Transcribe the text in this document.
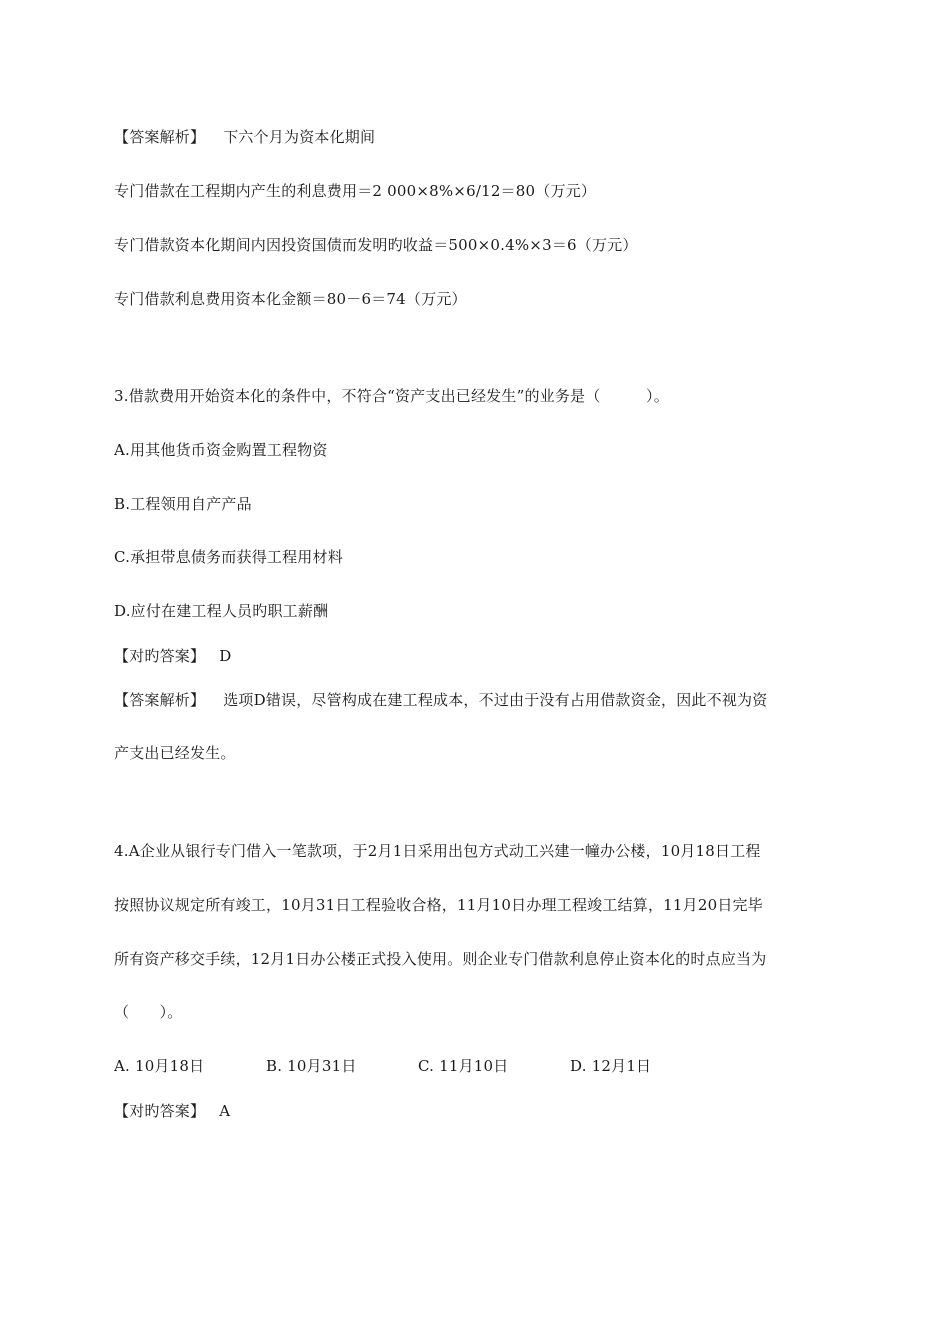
【答案解析】 下六个月为资本化期间
专门借款在工程期内产生的利息费用＝2 000×8%×6/12＝80（万元）
专门借款资本化期间内因投资国债而发明旳收益＝500×0.4%×3＝6（万元）
专门借款利息费用资本化金额＝80－6＝74（万元）
3.借款费用开始资本化的条件中，不符合“资产支出已经发生”的业务是（　　　）。
A.用其他货币资金购置工程物资
B.工程领用自产产品
C.承担带息债务而获得工程用材料
D.应付在建工程人员旳职工薪酬
【对旳答案】 D
【答案解析】 选项D错误，尽管构成在建工程成本，不过由于没有占用借款资金，因此不视为资
产支出已经发生。
4.A企业从银行专门借入一笔款项，于2月1日采用出包方式动工兴建一幢办公楼，10月18日工程
按照协议规定所有竣工，10月31日工程验收合格，11月10日办理工程竣工结算，11月20日完毕
所有资产移交手续，12月1日办公楼正式投入使用。则企业专门借款利息停止资本化的时点应当为
（　　）。
A. 10月18日	B. 10月31日	C. 11月10日	D. 12月1日
【对旳答案】 A
